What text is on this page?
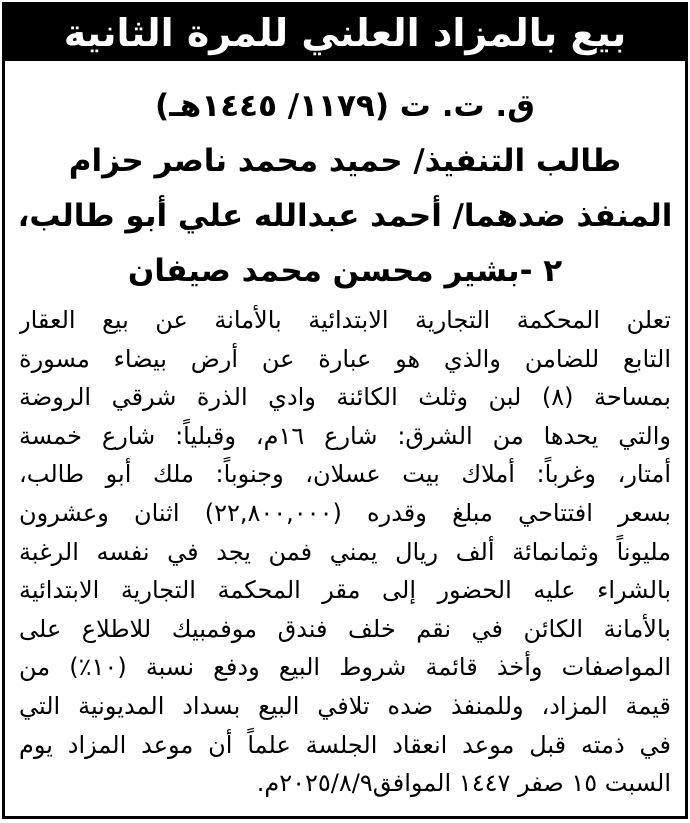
بيع بالمزاد العلني للمرة الثانية
ق. ت. ت (١١٧٩/ ١٤٤٥هـ)
طالب التنفيذ/ حميد محمد ناصر حزام
المنفذ ضدهما/ أحمد عبدالله علي أبو طالب،
٢ -بشير محسن محمد صيفان
تعلن المحكمة التجارية الابتدائية بالأمانة عن بيع العقار
التابع للضامن والذي هو عبارة عن أرض بيضاء مسورة
بمساحة (٨) لبن وثلث الكائنة وادي الذرة شرقي الروضة
والتي يحدها من الشرق: شارع ١٦م، وقبلياً: شارع خمسة
أمتار، وغرباً: أملاك بيت عسلان، وجنوباً: ملك أبو طالب،
بسعر افتتاحي مبلغ وقدره (٢٢,٨٠٠,٠٠٠) اثنان وعشرون
مليوناً وثمانمائة ألف ريال يمني فمن يجد في نفسه الرغبة
بالشراء عليه الحضور إلى مقر المحكمة التجارية الابتدائية
بالأمانة الكائن في نقم خلف فندق موفمبيك للاطلاع على
المواصفات وأخذ قائمة شروط البيع ودفع نسبة (١٠٪) من
قيمة المزاد، وللمنفذ ضده تلافي البيع بسداد المديونية التي
في ذمته قبل موعد انعقاد الجلسة علماً أن موعد المزاد يوم
السبت ١٥ صفر ١٤٤٧ الموافق٢٠٢٥/٨/٩م.
